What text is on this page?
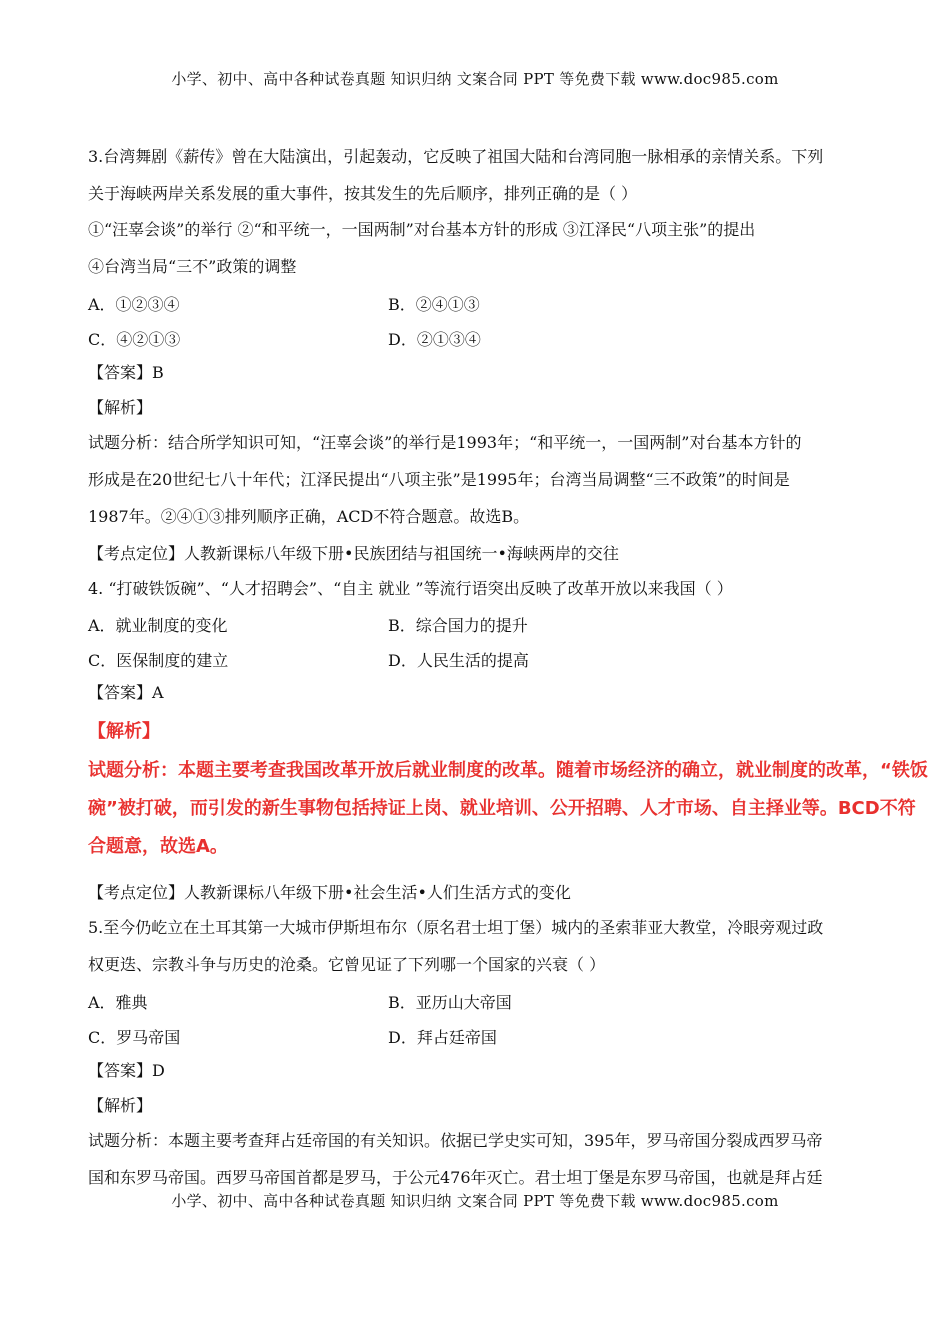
小学、初中、高中各种试卷真题 知识归纳 文案合同 PPT 等免费下载 www.doc985.com
3.台湾舞剧《薪传》曾在大陆演出，引起轰动，它反映了祖国大陆和台湾同胞一脉相承的亲情关系。下列
关于海峡两岸关系发展的重大事件，按其发生的先后顺序，排列正确的是（ ）
①“汪辜会谈”的举行 ②“和平统一，一国两制”对台基本方针的形成 ③江泽民“八项主张”的提出
④台湾当局“三不”政策的调整
A．①②③④	B．②④①③
C．④②①③	D．②①③④
【答案】B
【解析】
试题分析：结合所学知识可知，“汪辜会谈”的举行是1993年；“和平统一，一国两制”对台基本方针的
形成是在20世纪七八十年代；江泽民提出“八项主张”是1995年；台湾当局调整“三不政策”的时间是
1987年。②④①③排列顺序正确，ACD不符合题意。故选B。
【考点定位】人教新课标八年级下册•民族团结与祖国统一•海峡两岸的交往
4. “打破铁饭碗”、“人才招聘会”、“自主 就业 ”等流行语突出反映了改革开放以来我国（ ）
A．就业制度的变化	B．综合国力的提升
C．医保制度的建立	D．人民生活的提高
【答案】A
【解析】
试题分析：本题主要考查我国改革开放后就业制度的改革。随着市场经济的确立，就业制度的改革，“铁饭
碗”被打破，而引发的新生事物包括持证上岗、就业培训、公开招聘、人才市场、自主择业等。BCD不符
合题意，故选A。
【考点定位】人教新课标八年级下册•社会生活•人们生活方式的变化
5.至今仍屹立在土耳其第一大城市伊斯坦布尔（原名君士坦丁堡）城内的圣索菲亚大教堂，冷眼旁观过政
权更迭、宗教斗争与历史的沧桑。它曾见证了下列哪一个国家的兴衰（ ）
A．雅典	B．亚历山大帝国
C．罗马帝国	D．拜占廷帝国
【答案】D
【解析】
试题分析：本题主要考查拜占廷帝国的有关知识。依据已学史实可知，395年，罗马帝国分裂成西罗马帝
国和东罗马帝国。西罗马帝国首都是罗马，于公元476年灭亡。君士坦丁堡是东罗马帝国，也就是拜占廷
小学、初中、高中各种试卷真题 知识归纳 文案合同 PPT 等免费下载 www.doc985.com
